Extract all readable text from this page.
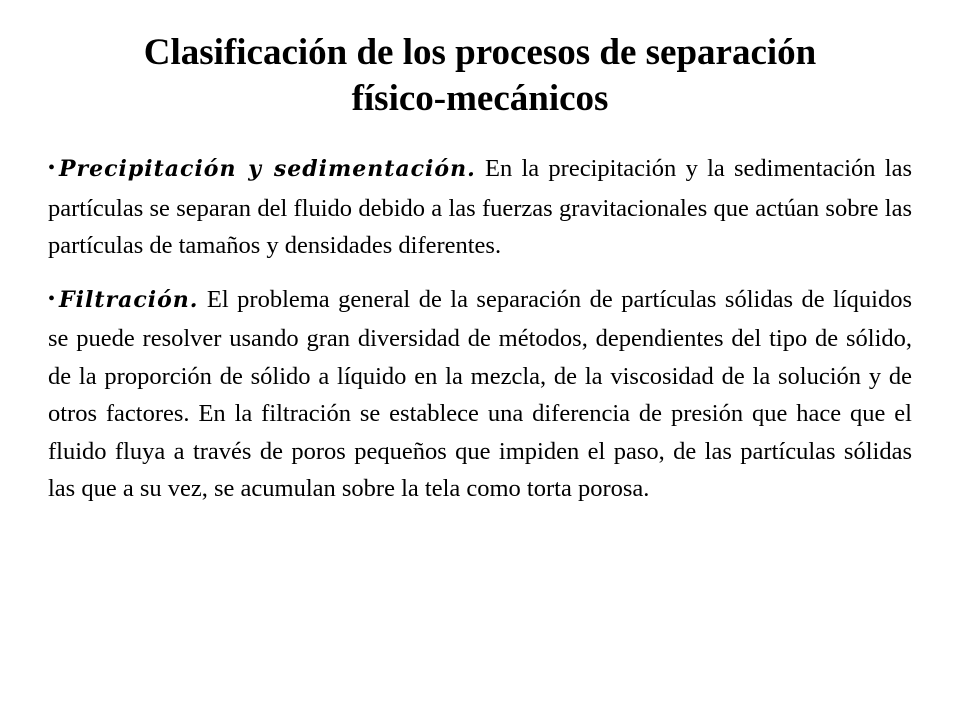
Clasificación de los procesos de separación
físico-mecánicos

• Precipitación y sedimentación. En la precipitación y la sedimentación las partículas se separan del fluido debido a las fuerzas gravitacionales que actúan sobre las partículas de tamaños y densidades diferentes.

• Filtración. El problema general de la separación de partículas sólidas de líquidos se puede resolver usando gran diversidad de métodos, dependientes del tipo de sólido, de la proporción de sólido a líquido en la mezcla, de la viscosidad de la solución y de otros factores. En la filtración se establece una diferencia de presión que hace que el fluido fluya a través de poros pequeños que impiden el paso, de las partículas sólidas las que a su vez, se acumulan sobre la tela como torta porosa.
